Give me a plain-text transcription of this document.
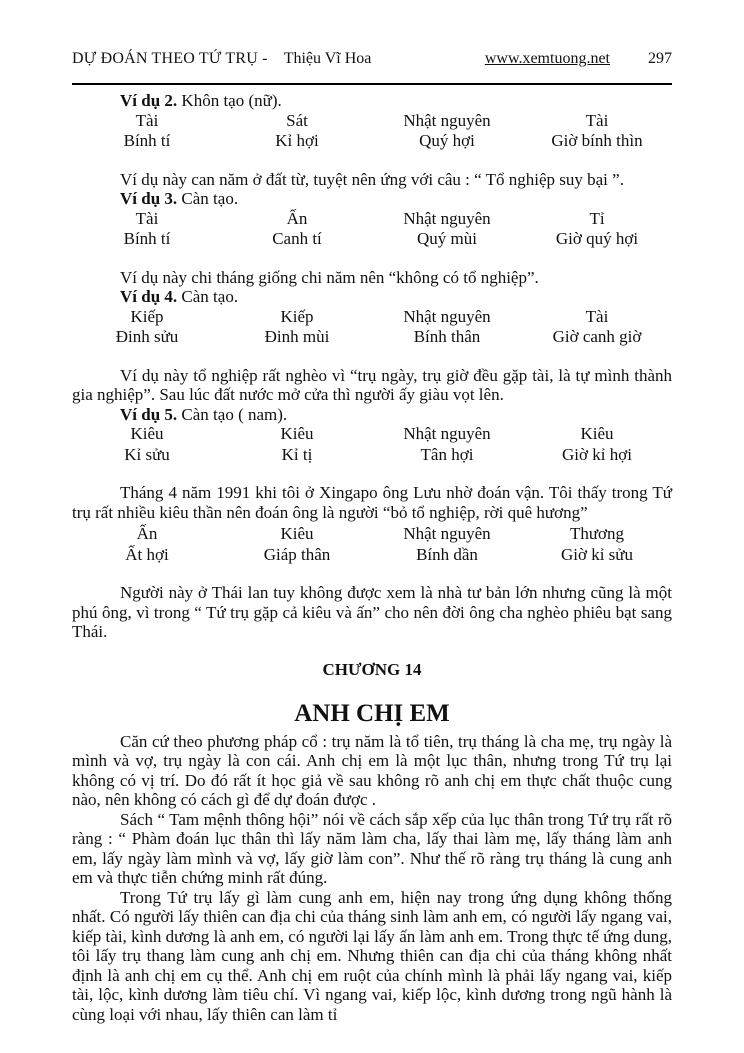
DỰ ĐOÁN THEO TỨ TRỤ - Thiệu Vĩ Hoa	www.xemtuong.net 297

Ví dụ 2. Khôn tạo (nữ).

Tài	Sát	Nhật nguyên	Tài
Bính tí	Kỉ hợi	Quý hợi	Giờ bính thìn

Ví dụ này can năm ở đất từ, tuyệt nên ứng với câu : “ Tổ nghiệp suy bại ”.

Ví dụ 3. Càn tạo.

Tài	Ấn	Nhật nguyên	Tỉ
Bính tí	Canh tí	Quý mùi	Giờ quý hợi

Ví dụ này chi tháng giống chi năm nên “không có tổ nghiệp”.

Ví dụ 4. Càn tạo.

Kiếp	Kiếp	Nhật nguyên	Tài
Đinh sửu	Đinh mùi	Bính thân	Giờ canh giờ

Ví dụ này tổ nghiệp rất nghèo vì “trụ ngày, trụ giờ đều gặp tài, là tự mình thành gia nghiệp”. Sau lúc đất nước mở cửa thì người ấy giàu vọt lên.

Ví dụ 5. Càn tạo ( nam).

Kiêu	Kiêu	Nhật nguyên	Kiêu
Kỉ sửu	Kỉ tị	Tân hợi	Giờ kỉ hợi

Tháng 4 năm 1991 khi tôi ở Xingapo ông Lưu nhờ đoán vận. Tôi thấy trong Tứ trụ rất nhiều kiêu thần nên đoán ông là người “bỏ tổ nghiệp, rời quê hương”

Ấn	Kiêu	Nhật nguyên	Thương
Ất hợi	Giáp thân	Bính dần	Giờ kỉ sửu

Người này ở Thái lan tuy không được xem là nhà tư bản lớn nhưng cũng là một phú ông, vì trong “ Tứ trụ gặp cả kiêu và ấn” cho nên đời ông cha nghèo phiêu bạt sang Thái.

CHƯƠNG 14

ANH CHỊ EM

Căn cứ theo phương pháp cổ : trụ năm là tổ tiên, trụ tháng là cha mẹ, trụ ngày là mình và vợ, trụ ngày là con cái. Anh chị em là một lục thân, nhưng trong Tứ trụ lại không có vị trí. Do đó rất ít học giả về sau không rõ anh chị em thực chất thuộc cung nào, nên không có cách gì để dự đoán được .

Sách “ Tam mệnh thông hội” nói về cách sắp xếp của lục thân trong Tứ trụ rất rõ ràng : “ Phàm đoán lục thân thì lấy năm làm cha, lấy thai làm mẹ, lấy tháng làm anh em, lấy ngày làm mình và vợ, lấy giờ làm con”. Như thế rõ ràng trụ tháng là cung anh em và thực tiễn chứng minh rất đúng.

Trong Tứ trụ lấy gì làm cung anh em, hiện nay trong ứng dụng không thống nhất. Có người lấy thiên can địa chi của tháng sinh làm anh em, có người lấy ngang vai, kiếp tài, kình dương là anh em, có người lại lấy ấn làm anh em. Trong thực tế ứng dung, tôi lấy trụ thang làm cung anh chị em. Nhưng thiên can địa chi của tháng không nhất định là anh chị em cụ thể. Anh chị em ruột của chính mình là phải lấy ngang vai, kiếp tài, lộc, kình dương làm tiêu chí. Vì ngang vai, kiếp lộc, kình dương trong ngũ hành là cùng loại với nhau, lấy thiên can làm tỉ
